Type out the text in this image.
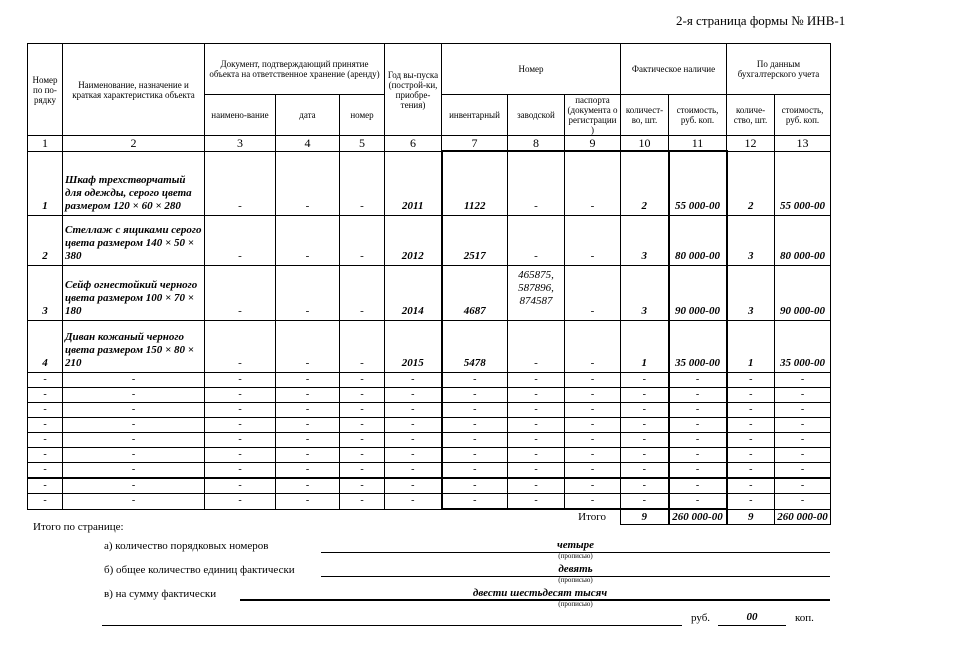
2-я страница формы № ИНВ-1
Номер по по-рядку	Наименование, назначение и краткая характеристика объекта	Документ, подтверждающий принятие объекта на ответственное хранение (аренду)			Год вы-пуска (построй-ки, приобре-тения)	Номер			Фактическое наличие		По данным бухгалтерского учета	
		наимено-вание	дата	номер		инвентарный	заводской	паспорта (документа о регистрации )	количест-во, шт.	стоимость, руб. коп.	количе-ство, шт.	стоимость, руб. коп.
1	2	3	4	5	6	7	8	9	10	11	12	13
1	Шкаф трехстворчатый для одежды, серого цвета размером 120 × 60 × 280	-	-	-	2011	1122	-	-	2	55 000-00	2	55 000-00
2	Стеллаж с ящиками серого цвета размером 140 × 50 × 380	-	-	-	2012	2517	-	-	3	80 000-00	3	80 000-00
3	Сейф огнестойкий черного цвета размером 100 × 70 × 180	-	-	-	2014	4687	465875, 587896, 874587	-	3	90 000-00	3	90 000-00
4	Диван кожаный черного цвета размером 150 × 80 × 210	-	-	-	2015	5478	-	-	1	35 000-00	1	35 000-00
-	-	-	-	-	-	-	-	-	-	-	-	-
-	-	-	-	-	-	-	-	-	-	-	-	-
-	-	-	-	-	-	-	-	-	-	-	-	-
-	-	-	-	-	-	-	-	-	-	-	-	-
-	-	-	-	-	-	-	-	-	-	-	-	-
-	-	-	-	-	-	-	-	-	-	-	-	-
-	-	-	-	-	-	-	-	-	-	-	-	-
-	-	-	-	-	-	-	-	-	-	-	-	-
-	-	-	-	-	-	-	-	-	-	-	-	-
Итого									9	260 000-00	9	260 000-00
Итого по странице:
а) количество порядковых номеров	четыре
(прописью)
б) общее количество единиц фактически	девять
(прописью)
в) на сумму фактически	двести шестьдесят тысяч
(прописью)
руб.	00	коп.
